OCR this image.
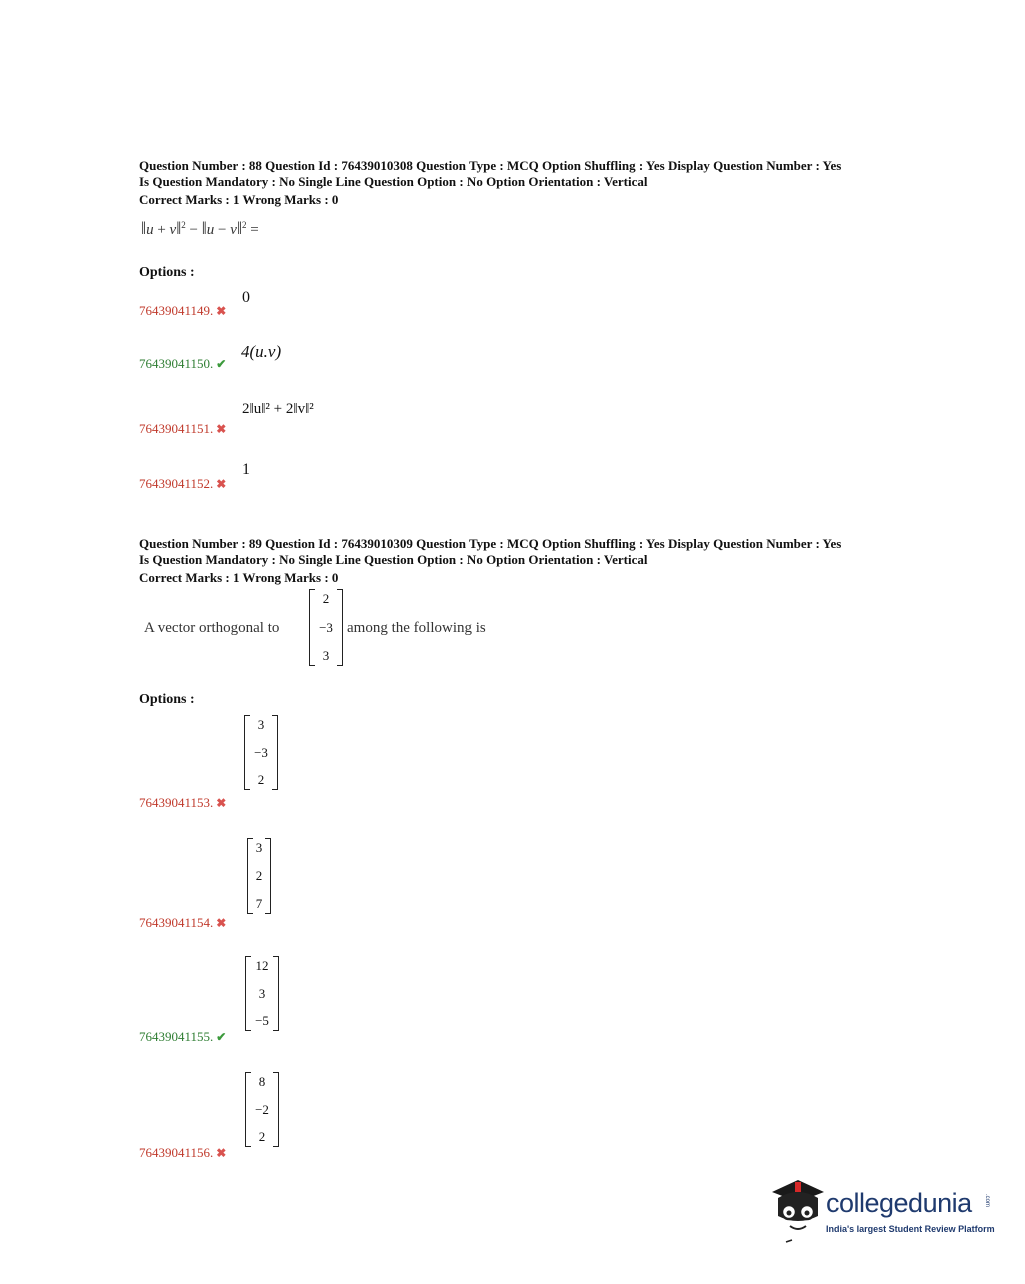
Question Number : 88 Question Id : 76439010308 Question Type : MCQ Option Shuffling : Yes Display Question Number : Yes
Is Question Mandatory : No Single Line Question Option : No Option Orientation : Vertical
Correct Marks : 1 Wrong Marks : 0
‖u + v‖$^2$ − ‖u − v‖$^2$ =
Options :
76439041149. ✖
0
76439041150. ✔
4(u.v)
76439041151. ✖
2‖u‖² + 2‖v‖²
76439041152. ✖
1
Question Number : 89 Question Id : 76439010309 Question Type : MCQ Option Shuffling : Yes Display Question Number : Yes
Is Question Mandatory : No Single Line Question Option : No Option Orientation : Vertical
Correct Marks : 1 Wrong Marks : 0
A vector orthogonal to
2
−3
3
among the following is
Options :
3
−3
2
76439041153. ✖
3
2
7
76439041154. ✖
12
3
−5
76439041155. ✔
8
−2
2
76439041156. ✖
collegedunia .com
India's largest Student Review Platform
